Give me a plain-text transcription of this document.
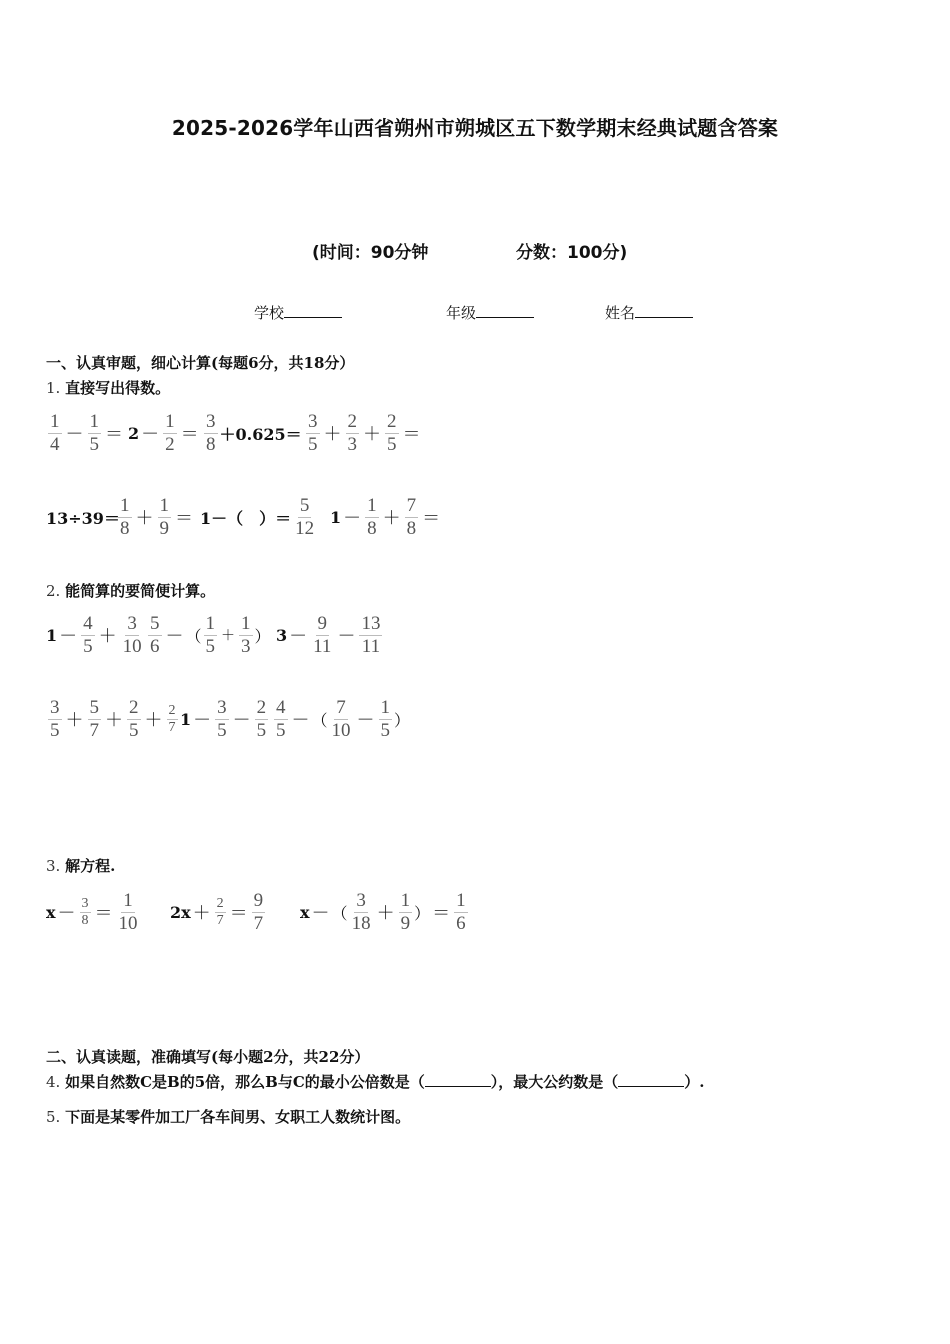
2025-2026学年山西省朔州市朔城区五下数学期末经典试题含答案
(时间：90分钟	分数：100分)
学校	年级	姓名
一、认真审题，细心计算(每题6分，共18分）
1. 直接写出得数。
$\frac{1}{4} - \frac{1}{5} = 2 - \frac{1}{2} = \frac{3}{8} +0.625= \frac{3}{5} + \frac{2}{3} + \frac{2}{5}$ ＝
13÷39＝
$\frac{1}{8} + \frac{1}{9} = 1-$（　）＝ $\frac{5}{12} 1 - \frac{1}{8} + \frac{7}{8}$ ＝
2. 能简算的要简便计算。
$1 - \frac{4}{5} + \frac{3}{10} \frac{5}{6}$ － （ $\frac{1}{5} + \frac{1}{3}$ ） $3 - \frac{9}{11} - \frac{13}{11}$
$\frac{3}{5} + \frac{5}{7} + \frac{2}{5} + \frac{2}{7} 1 - \frac{3}{5} - \frac{2}{5} \frac{4}{5}$ － （ $\frac{7}{10} - \frac{1}{5}$ ）
3. 解方程.
$x - \frac{3}{8} = \frac{1}{10} 2x + \frac{2}{7} = \frac{9}{7}$ x － （ $\frac{3}{18} + \frac{1}{9}$ ） ＝ $\frac{1}{6}$
二、认真读题，准确填写(每小题2分，共22分）
4. 如果自然数C是B的5倍，那么B与C的最小公倍数是（	），最大公约数是（	）.
5. 下面是某零件加工厂各车间男、女职工人数统计图。
